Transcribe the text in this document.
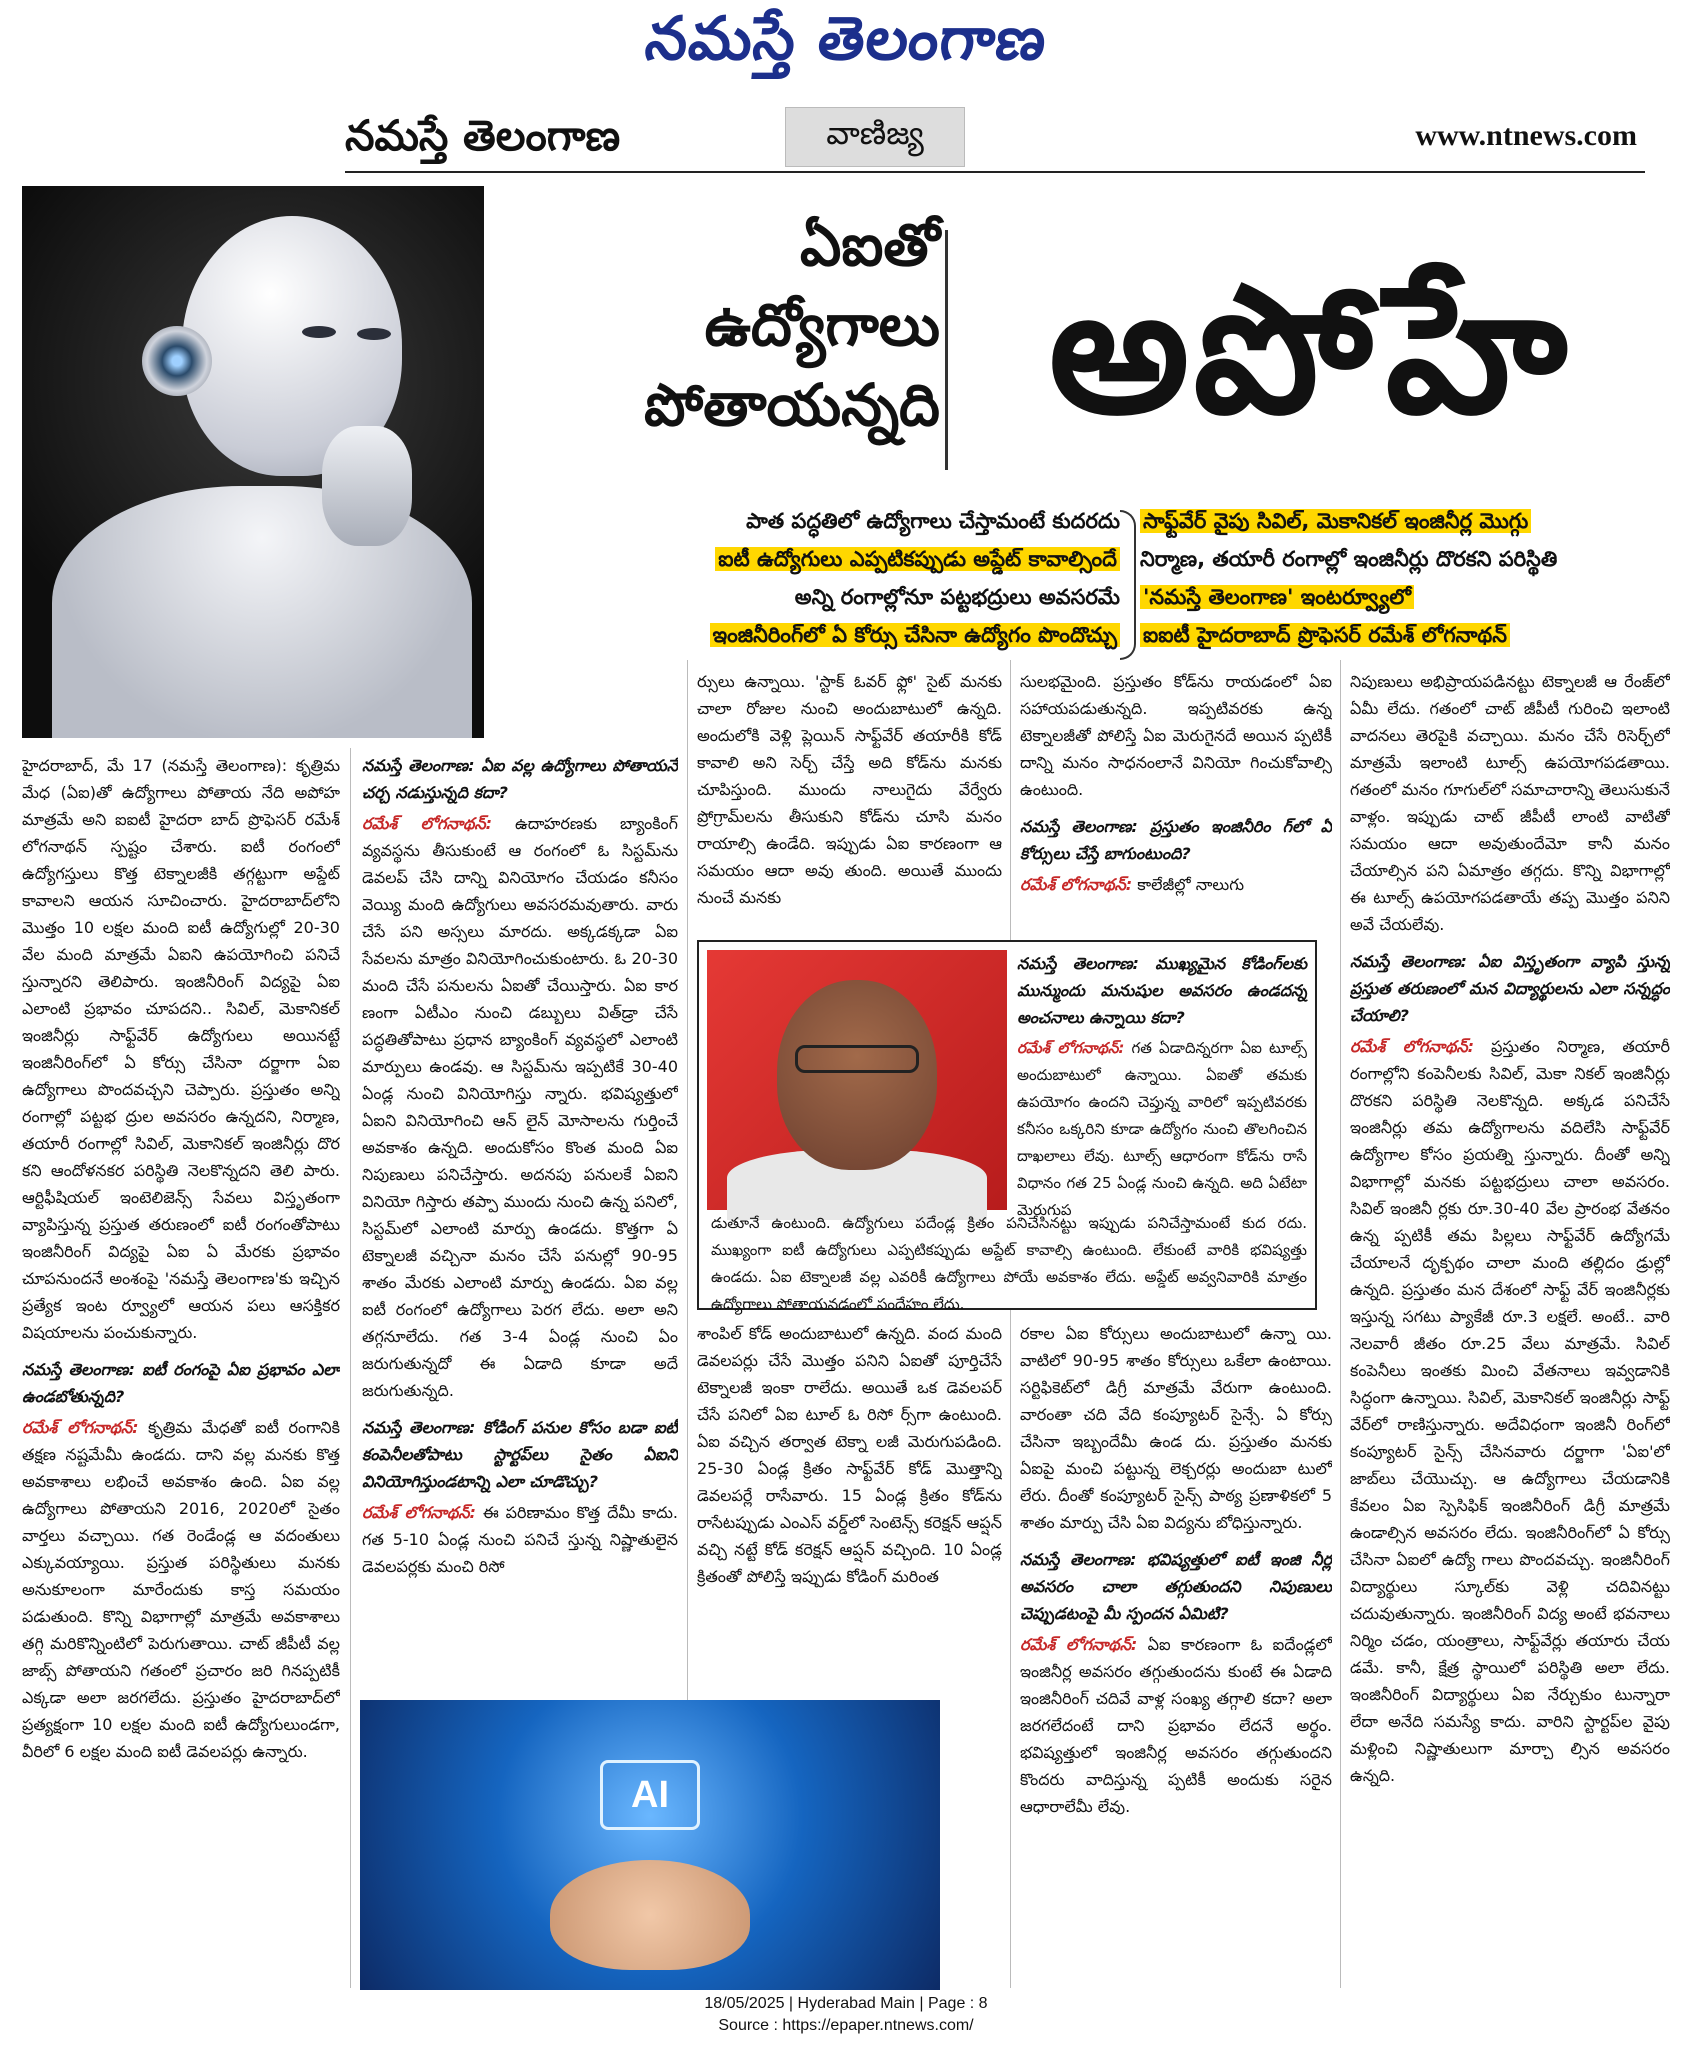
నమస్తే తెలంగాణ
నమస్తే తెలంగాణ	వాణిజ్య	www.ntnews.com
ఏఐతో
ఉద్యోగాలు
పోతాయన్నది అపోహే
పాత పద్ధతిలో ఉద్యోగాలు చేస్తామంటే కుదరదు
ఐటీ ఉద్యోగులు ఎప్పటికప్పుడు అప్డేట్ కావాల్సిందే
అన్ని రంగాల్లోనూ పట్టభద్రులు అవసరమే
ఇంజినీరింగ్‌లో ఏ కోర్సు చేసినా ఉద్యోగం పొందొచ్చు
సాఫ్ట్‌వేర్ వైపు సివిల్, మెకానికల్ ఇంజినీర్ల మొగ్గు
నిర్మాణ, తయారీ రంగాల్లో ఇంజినీర్లు దొరకని పరిస్థితి
'నమస్తే తెలంగాణ' ఇంటర్వ్యూలో
ఐఐటీ హైదరాబాద్ ప్రొఫెసర్ రమేశ్ లోగనాథన్

హైదరాబాద్, మే 17 (నమస్తే తెలంగాణ): కృత్రిమ మేధ (ఏఐ)తో ఉద్యోగాలు పోతాయ నేది అపోహ మాత్రమే అని ఐఐటీ హైదరా బాద్ ప్రొఫెసర్ రమేశ్ లోగనాథన్ స్పష్టం చేశారు. ఐటీ రంగంలో ఉద్యోగస్తులు కొత్త టెక్నాలజీకి తగ్గట్టుగా అప్డేట్ కావాలని ఆయన సూచించారు. హైదరాబాద్‌లోని మొత్తం 10 లక్షల మంది ఐటీ ఉద్యోగుల్లో 20-30 వేల మంది మాత్రమే ఏఐని ఉపయోగించి పనిచే స్తున్నారని తెలిపారు. ఇంజినీరింగ్ విద్యపై ఏఐ ఎలాంటి ప్రభావం చూపదని.. సివిల్, మెకానికల్ ఇంజినీర్లు సాఫ్ట్‌వేర్ ఉద్యోగులు అయినట్టే ఇంజినీరింగ్‌లో ఏ కోర్సు చేసినా దర్జాగా ఏఐ ఉద్యోగాలు పొందవచ్చని చెప్పారు. ప్రస్తుతం అన్ని రంగాల్లో పట్టభ ద్రుల అవసరం ఉన్నదని, నిర్మాణ, తయారీ రంగాల్లో సివిల్, మెకానికల్ ఇంజినీర్లు దొర కని ఆందోళనకర పరిస్థితి నెలకొన్నదని తెలి పారు. ఆర్టిఫీషియల్ ఇంటెలిజెన్స్ సేవలు విస్తృతంగా వ్యాపిస్తున్న ప్రస్తుత తరుణంలో ఐటీ రంగంతోపాటు ఇంజినీరింగ్ విద్యపై ఏఐ ఏ మేరకు ప్రభావం చూపనుందనే అంశంపై 'నమస్తే తెలంగాణ'కు ఇచ్చిన ప్రత్యేక ఇంట ర్వ్యూలో ఆయన పలు ఆసక్తికర విషయాలను పంచుకున్నారు.

నమస్తే తెలంగాణ: ఐటీ రంగంపై ఏఐ ప్రభావం ఎలా ఉండబోతున్నది?

రమేశ్ లోగనాథన్: కృత్రిమ మేధతో ఐటీ రంగానికి తక్షణ నష్టమేమీ ఉండదు. దాని వల్ల మనకు కొత్త అవకాశాలు లభించే అవకాశం ఉంది. ఏఐ వల్ల ఉద్యోగాలు పోతాయని 2016, 2020లో సైతం వార్తలు వచ్చాయి. గత రెండేండ్ల ఆ వదంతులు ఎక్కువయ్యాయి. ప్రస్తుత పరిస్థితులు మనకు అనుకూలంగా మారేందుకు కాస్త సమయం పడుతుంది. కొన్ని విభాగాల్లో మాత్రమే అవకాశాలు తగ్గి మరికొన్నింటిలో పెరుగుతాయి. చాట్ జీపీటీ వల్ల జాబ్స్ పోతాయని గతంలో ప్రచారం జరి గినప్పటికీ ఎక్కడా అలా జరగలేదు. ప్రస్తుతం హైదరాబాద్‌లో ప్రత్యక్షంగా 10 లక్షల మంది ఐటీ ఉద్యోగులుండగా, వీరిలో 6 లక్షల మంది ఐటీ డెవలపర్లు ఉన్నారు.

నమస్తే తెలంగాణ: ఏఐ వల్ల ఉద్యోగాలు పోతాయనే చర్చ నడుస్తున్నది కదా?

రమేశ్ లోగనాథన్: ఉదాహరణకు బ్యాంకింగ్ వ్యవస్థను తీసుకుంటే ఆ రంగంలో ఓ సిస్టమ్‌ను డెవలప్ చేసి దాన్ని వినియోగం చేయడం కనీసం వెయ్యి మంది ఉద్యోగులు అవసరమవుతారు. వారు చేసే పని అస్సలు మారదు. అక్కడక్కడా ఏఐ సేవలను మాత్రం వినియోగించుకుంటారు. ఓ 20-30 మంది చేసే పనులను ఏఐతో చేయిస్తారు. ఏఐ కార ణంగా ఏటీఎం నుంచి డబ్బులు విత్‌డ్రా చేసే పద్ధతితోపాటు ప్రధాన బ్యాంకింగ్ వ్యవస్థలో ఎలాంటి మార్పులు ఉండవు. ఆ సిస్టమ్‌ను ఇప్పటికే 30-40 ఏండ్ల నుంచి వినియోగిస్తు న్నారు. భవిష్యత్తులో ఏఐని వినియోగించి ఆన్ లైన్ మోసాలను గుర్తించే అవకాశం ఉన్నది. అందుకోసం కొంత మంది ఏఐ నిపుణులు పనిచేస్తారు. అదనపు పనులకే ఏఐని వినియో గిస్తారు తప్పా ముందు నుంచి ఉన్న పనిలో, సిస్టమ్‌లో ఎలాంటి మార్పు ఉండదు. కొత్తగా ఏ టెక్నాలజీ వచ్చినా మనం చేసే పనుల్లో 90-95 శాతం మేరకు ఎలాంటి మార్పు ఉండదు. ఏఐ వల్ల ఐటీ రంగంలో ఉద్యోగాలు పెరగ లేదు. అలా అని తగ్గనూలేదు. గత 3-4 ఏండ్ల నుంచి ఏం జరుగుతున్నదో ఈ ఏడాది కూడా అదే జరుగుతున్నది.

నమస్తే తెలంగాణ: కోడింగ్ పనుల కోసం బడా ఐటీ కంపెనీలతోపాటు స్టార్టప్‌లు సైతం ఏఐని వినియోగిస్తుండటాన్ని ఎలా చూడొచ్చు?

రమేశ్ లోగనాథన్: ఈ పరిణామం కొత్త దేమీ కాదు. గత 5-10 ఏండ్ల నుంచి పనిచే స్తున్న నిష్ణాతులైన డెవలపర్లకు మంచి రిసో

ర్సులు ఉన్నాయి. 'స్టాక్ ఓవర్ ఫ్లో' సైట్ మనకు చాలా రోజుల నుంచి అందుబాటులో ఉన్నది. అందులోకి వెళ్లి ప్లెయిన్ సాఫ్ట్‌వేర్ తయారీకి కోడ్ కావాలి అని సెర్చ్ చేస్తే అది కోడ్‌ను మనకు చూపిస్తుంది. ముందు నాలుగైదు వేర్వేరు ప్రోగ్రామ్‌లను తీసుకుని కోడ్‌ను చూసి మనం రాయాల్సి ఉండేది. ఇప్పుడు ఏఐ కారణంగా ఆ సమయం ఆదా అవు తుంది. అయితే ముందు నుంచే మనకు

శాంపిల్ కోడ్ అందుబాటులో ఉన్నది. వంద మంది డెవలపర్లు చేసే మొత్తం పనిని ఏఐతో పూర్తిచేసే టెక్నాలజీ ఇంకా రాలేదు. అయితే ఒక డెవలపర్ చేసే పనిలో ఏఐ టూల్ ఓ రిసో ర్స్‌గా ఉంటుంది. ఏఐ వచ్చిన తర్వాత టెక్నా లజీ మెరుగుపడింది. 25-30 ఏండ్ల క్రితం సాఫ్ట్‌వేర్ కోడ్ మొత్తాన్ని డెవలపర్లే రాసేవారు. 15 ఏండ్ల క్రితం కోడ్‌ను రాసేటప్పుడు ఎంఎస్ వర్డ్‌లో సెంటెన్స్ కరెక్షన్ ఆప్షన్ వచ్చి నట్టే కోడ్ కరెక్షన్ ఆప్షన్ వచ్చింది. 10 ఏండ్ల క్రితంతో పోలిస్తే ఇప్పుడు కోడింగ్ మరింత

సులభమైంది. ప్రస్తుతం కోడ్‌ను రాయడంలో ఏఐ సహాయపడుతున్నది. ఇప్పటివరకు ఉన్న టెక్నాలజీతో పోలిస్తే ఏఐ మెరుగైనదే అయిన ప్పటికీ దాన్ని మనం సాధనంలానే వినియో గించుకోవాల్సి ఉంటుంది.

నమస్తే తెలంగాణ: ప్రస్తుతం ఇంజినీరిం గ్‌లో ఏ కోర్సులు చేస్తే బాగుంటుంది?

రమేశ్ లోగనాథన్: కాలేజీల్లో నాలుగు

రకాల ఏఐ కోర్సులు అందుబాటులో ఉన్నా యి. వాటిలో 90-95 శాతం కోర్సులు ఒకేలా ఉంటాయి. సర్టిఫికెట్‌లో డిగ్రీ మాత్రమే వేరుగా ఉంటుంది. వారంతా చది వేది కంప్యూటర్ సైన్సే. ఏ కోర్సు చేసినా ఇబ్బందేమీ ఉండ దు. ప్రస్తుతం మనకు ఏఐపై మంచి పట్టున్న లెక్చరర్లు అందుబా టులో లేరు. దీంతో కంప్యూటర్ సైన్స్ పాఠ్య ప్రణాళికలో 5 శాతం మార్పు చేసి ఏఐ విద్యను బోధిస్తున్నారు.

నమస్తే తెలంగాణ: భవిష్యత్తులో ఐటీ ఇంజి నీర్ల అవసరం చాలా తగ్గుతుందని నిపుణులు చెప్పుడటంపై మీ స్పందన ఏమిటి?

రమేశ్ లోగనాథన్: ఏఐ కారణంగా ఓ ఐదేండ్లలో ఇంజినీర్ల అవసరం తగ్గుతుందను కుంటే ఈ ఏడాది ఇంజినీరింగ్ చదివే వాళ్ల సంఖ్య తగ్గాలి కదా? అలా జరగలేదంటే దాని ప్రభావం లేదనే అర్థం. భవిష్యత్తులో ఇంజినీర్ల అవసరం తగ్గుతుందని కొందరు వాదిస్తున్న ప్పటికీ అందుకు సరైన ఆధారాలేమీ లేవు.

నిపుణులు అభిప్రాయపడినట్టు టెక్నాలజీ ఆ రేంజ్‌లో ఏమీ లేదు. గతంలో చాట్ జీపీటీ గురించి ఇలాంటి వాదనలు తెరపైకి వచ్చాయి. మనం చేసే రిసెర్చ్‌లో మాత్రమే ఇలాంటి టూల్స్ ఉపయోగపడతాయి. గతంలో మనం గూగుల్‌లో సమాచారాన్ని తెలుసుకునే వాళ్లం. ఇప్పుడు చాట్ జీపీటీ లాంటి వాటితో సమయం ఆదా అవుతుందేమో కానీ మనం చేయాల్సిన పని ఏమాత్రం తగ్గదు. కొన్ని విభాగాల్లో ఈ టూల్స్ ఉపయోగపడతాయే తప్ప మొత్తం పనిని అవే చేయలేవు.

నమస్తే తెలంగాణ: ఏఐ విస్తృతంగా వ్యాపి స్తున్న ప్రస్తుత తరుణంలో మన విద్యార్థులను ఎలా సన్నద్ధం చేయాలి?

రమేశ్ లోగనాథన్: ప్రస్తుతం నిర్మాణ, తయారీ రంగాల్లోని కంపెనీలకు సివిల్, మెకా నికల్ ఇంజినీర్లు దొరకని పరిస్థితి నెలకొన్నది. అక్కడ పనిచేసే ఇంజినీర్లు తమ ఉద్యోగాలను వదిలేసి సాఫ్ట్‌వేర్ ఉద్యోగాల కోసం ప్రయత్ని స్తున్నారు. దీంతో అన్ని విభాగాల్లో మనకు పట్టభద్రులు చాలా అవసరం. సివిల్ ఇంజినీ ర్లకు రూ.30-40 వేల ప్రారంభ వేతనం ఉన్న ప్పటికీ తమ పిల్లలు సాఫ్ట్‌వేర్ ఉద్యోగమే చేయాలనే దృక్పథం చాలా మంది తల్లిదం డ్రుల్లో ఉన్నది. ప్రస్తుతం మన దేశంలో సాఫ్ట్ వేర్ ఇంజినీర్లకు ఇస్తున్న సగటు ప్యాకేజీ రూ.3 లక్షలే. అంటే.. వారి నెలవారీ జీతం రూ.25 వేలు మాత్రమే. సివిల్ కంపెనీలు ఇంతకు మించి వేతనాలు ఇవ్వడానికి సిద్ధంగా ఉన్నాయి. సివిల్, మెకానికల్ ఇంజినీర్లు సాఫ్ట్ వేర్‌లో రాణిస్తున్నారు. అదేవిధంగా ఇంజినీ రింగ్‌లో కంప్యూటర్ సైన్స్ చేసినవారు దర్జాగా 'ఏఐ'లో జాబ్‌లు చేయొచ్చు. ఆ ఉద్యోగాలు చేయడానికి కేవలం ఏఐ స్పెసిఫిక్ ఇంజినీరింగ్ డిగ్రీ మాత్రమే ఉండాల్సిన అవసరం లేదు. ఇంజినీరింగ్‌లో ఏ కోర్సు చేసినా ఏఐలో ఉద్యో గాలు పొందవచ్చు. ఇంజినీరింగ్ విద్యార్థులు స్కూల్‌కు వెళ్లి చదివినట్టు చదువుతున్నారు. ఇంజినీరింగ్ విద్య అంటే భవనాలు నిర్మిం చడం, యంత్రాలు, సాఫ్ట్‌వేర్లు తయారు చేయ డమే. కానీ, క్షేత్ర స్థాయిలో పరిస్థితి అలా లేదు. ఇంజినీరింగ్ విద్యార్థులు ఏఐ నేర్చుకుం టున్నారా లేదా అనేది సమస్యే కాదు. వారిని స్టార్టప్‌ల వైపు మళ్లించి నిష్ణాతులుగా మార్చా ల్సిన అవసరం ఉన్నది.

నమస్తే తెలంగాణ: ముఖ్యమైన కోడింగ్‌లకు మున్ముందు మనుషుల అవసరం ఉండదన్న అంచనాలు ఉన్నాయి కదా?
రమేశ్ లోగనాథన్: గత ఏడాదిన్నరగా ఏఐ టూల్స్ అందుబాటులో ఉన్నాయి. ఏఐతో తమకు ఉపయోగం ఉందని చెప్తున్న వారిలో ఇప్పటివరకు కనీసం ఒక్కరిని కూడా ఉద్యోగం నుంచి తొలగించిన దాఖలాలు లేవు. టూల్స్ ఆధారంగా కోడ్‌ను రాసే విధానం గత 25 ఏండ్ల నుంచి ఉన్నది. అది ఏటేటా మెరుగుప
డుతూనే ఉంటుంది. ఉద్యోగులు పదేండ్ల క్రితం పనిచేసినట్టు ఇప్పుడు పనిచేస్తామంటే కుద రదు. ముఖ్యంగా ఐటీ ఉద్యోగులు ఎప్పటికప్పుడు అప్డేట్ కావాల్సి ఉంటుంది. లేకుంటే వారికి భవిష్యత్తు ఉండదు. ఏఐ టెక్నాలజీ వల్ల ఎవరికీ ఉద్యోగాలు పోయే అవకాశం లేదు. అప్డేట్ అవ్వనివారికి మాత్రం ఉద్యోగాలు పోతాయనడంలో సందేహం లేదు.
AI
18/05/2025 | Hyderabad Main | Page : 8
Source : https://epaper.ntnews.com/
